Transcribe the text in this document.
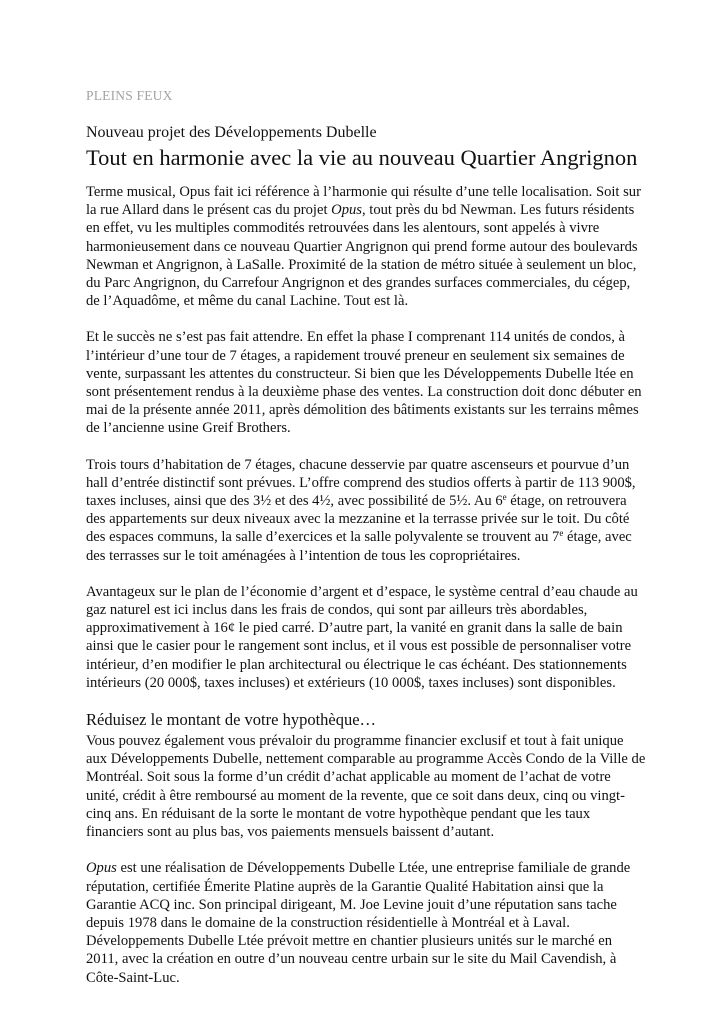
PLEINS FEUX
Nouveau projet des Développements Dubelle
Tout en harmonie avec la vie au nouveau Quartier Angrignon

Terme musical, Opus fait ici référence à l’harmonie qui résulte d’une telle localisation. Soit sur la rue Allard dans le présent cas du projet Opus, tout près du bd Newman. Les futurs résidents en effet, vu les multiples commodités retrouvées dans les alentours, sont appelés à vivre harmonieusement dans ce nouveau Quartier Angrignon qui prend forme autour des boulevards Newman et Angrignon, à LaSalle. Proximité de la station de métro située à seulement un bloc, du Parc Angrignon, du Carrefour Angrignon et des grandes surfaces commerciales, du cégep, de l’Aquadôme, et même du canal Lachine. Tout est là.

Et le succès ne s’est pas fait attendre. En effet la phase I comprenant 114 unités de condos, à l’intérieur d’une tour de 7 étages, a rapidement trouvé preneur en seulement six semaines de vente, surpassant les attentes du constructeur. Si bien que les Développements Dubelle ltée en sont présentement rendus à la deuxième phase des ventes. La construction doit donc débuter en mai de la présente année 2011, après démolition des bâtiments existants sur les terrains mêmes de l’ancienne usine Greif Brothers.

Trois tours d’habitation de 7 étages, chacune desservie par quatre ascenseurs et pourvue d’un hall d’entrée distinctif sont prévues. L’offre comprend des studios offerts à partir de 113 900$, taxes incluses, ainsi que des 3½ et des 4½, avec possibilité de 5½. Au 6e étage, on retrouvera des appartements sur deux niveaux avec la mezzanine et la terrasse privée sur le toit. Du côté des espaces communs, la salle d’exercices et la salle polyvalente se trouvent au 7e étage, avec des terrasses sur le toit aménagées à l’intention de tous les copropriétaires.

Avantageux sur le plan de l’économie d’argent et d’espace, le système central d’eau chaude au gaz naturel est ici inclus dans les frais de condos, qui sont par ailleurs très abordables, approximativement à 16¢ le pied carré. D’autre part, la vanité en granit dans la salle de bain ainsi que le casier pour le rangement sont inclus, et il vous est possible de personnaliser votre intérieur, d’en modifier le plan architectural ou électrique le cas échéant. Des stationnements intérieurs (20 000$, taxes incluses) et extérieurs (10 000$, taxes incluses) sont disponibles.

Réduisez le montant de votre hypothèque…

Vous pouvez également vous prévaloir du programme financier exclusif et tout à fait unique aux Développements Dubelle, nettement comparable au programme Accès Condo de la Ville de Montréal. Soit sous la forme d’un crédit d’achat applicable au moment de l’achat de votre unité, crédit à être remboursé au moment de la revente, que ce soit dans deux, cinq ou vingt-cinq ans. En réduisant de la sorte le montant de votre hypothèque pendant que les taux financiers sont au plus bas, vos paiements mensuels baissent d’autant.

Opus est une réalisation de Développements Dubelle Ltée, une entreprise familiale de grande réputation, certifiée Émerite Platine auprès de la Garantie Qualité Habitation ainsi que la Garantie ACQ inc. Son principal dirigeant, M. Joe Levine jouit d’une réputation sans tache depuis 1978 dans le domaine de la construction résidentielle à Montréal et à Laval. Développements Dubelle Ltée prévoit mettre en chantier plusieurs unités sur le marché en 2011, avec la création en outre d’un nouveau centre urbain sur le site du Mail Cavendish, à Côte-Saint-Luc.
